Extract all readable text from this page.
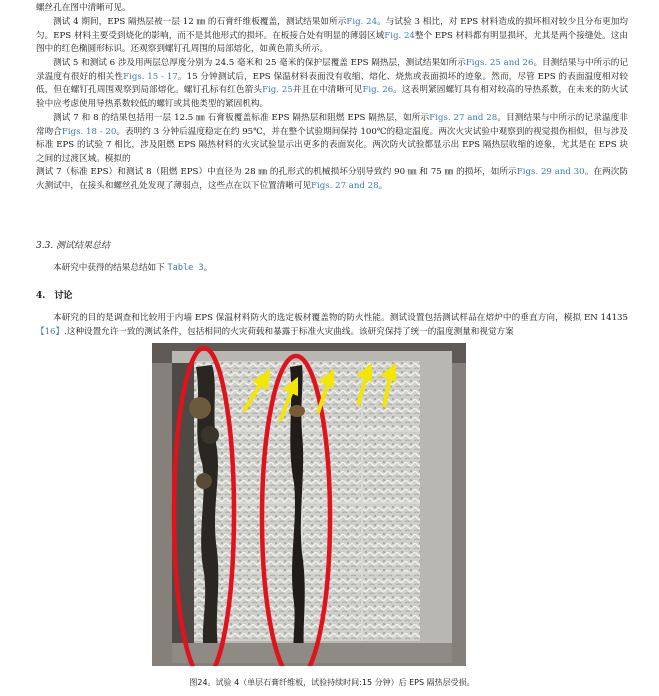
螺丝孔在图中清晰可见。

测试 4 期间，EPS 隔热层被一层 12 ㎜ 的石膏纤维板覆盖，测试结果如所示Fig. 24。与试验 3 相比，对 EPS 材料造成的损坏相对较少且分布更加均匀。EPS 材料主要受到烧化的影响，而不是其他形式的损坏。在板接合处有明显的薄弱区域Fig. 24整个 EPS 材料都有明显损坏，尤其是两个接缝处。这由图中的红色椭圆形标识。还观察到螺钉孔周围的局部熔化，如黄色箭头所示。

测试 5 和测试 6 涉及用两层总厚度分别为 24.5 毫米和 25 毫米的保护层覆盖 EPS 隔热层，测试结果如所示Figs. 25 and 26。目测结果与中所示的记录温度有很好的相关性Figs. 15 - 17。15 分钟测试后，EPS 保温材料表面没有收缩、熔化、烧焦或表面损坏的迹象。然而，尽管 EPS 的表面温度相对较低，但在螺钉孔周围观察到局部熔化。螺钉孔标有红色箭头Fig. 25并且在中清晰可见Fig. 26。这表明紧固螺钉具有相对较高的导热系数，在未来的防火试验中应考虑使用导热系数较低的螺钉或其他类型的紧固机构。

测试 7 和 8 的结果包括用一层 12.5 ㎜ 石膏板覆盖标准 EPS 隔热层和阻燃 EPS 隔热层，如所示Figs. 27 and 28。目测结果与中所示的记录温度非常吻合Figs. 18 - 20。表明约 3 分钟后温度稳定在约 95℃，并在整个试验期间保持 100℃的稳定温度。两次火灾试验中观察到的视觉损伤相似，但与涉及标准 EPS 的试验 7 相比，涉及阻燃 EPS 隔热材料的火灾试验显示出更多的表面炭化。两次防火试验都显示出 EPS 隔热层收缩的迹象，尤其是在 EPS 块之间的过渡区域。模拟的
测试 7（标准 EPS）和测试 8（阻燃 EPS）中直径为 28 ㎜ 的孔形式的机械损坏分别导致约 90 ㎜ 和 75 ㎜ 的损坏，如所示Figs. 29 and 30。在两次防火测试中，在接头和螺丝孔处发现了薄弱点，这些点在以下位置清晰可见Figs. 27 and 28。

3.3. 测试结果总结

本研究中获得的结果总结如下 Table 3。

4. 讨论

本研究的目的是调查和比较用于内墙 EPS 保温材料防火的选定板材覆盖物的防火性能。测试设置包括测试样品在熔炉中的垂直方向，模拟 EN 14135【16】.这种设置允许一致的测试条件，包括相同的火灾荷载和暴露于标准火灾曲线。该研究保持了统一的温度测量和视觉方案

图24。试验 4（单层石膏纤维板，试验持续时间:15 分钟）后 EPS 隔热层受损。
